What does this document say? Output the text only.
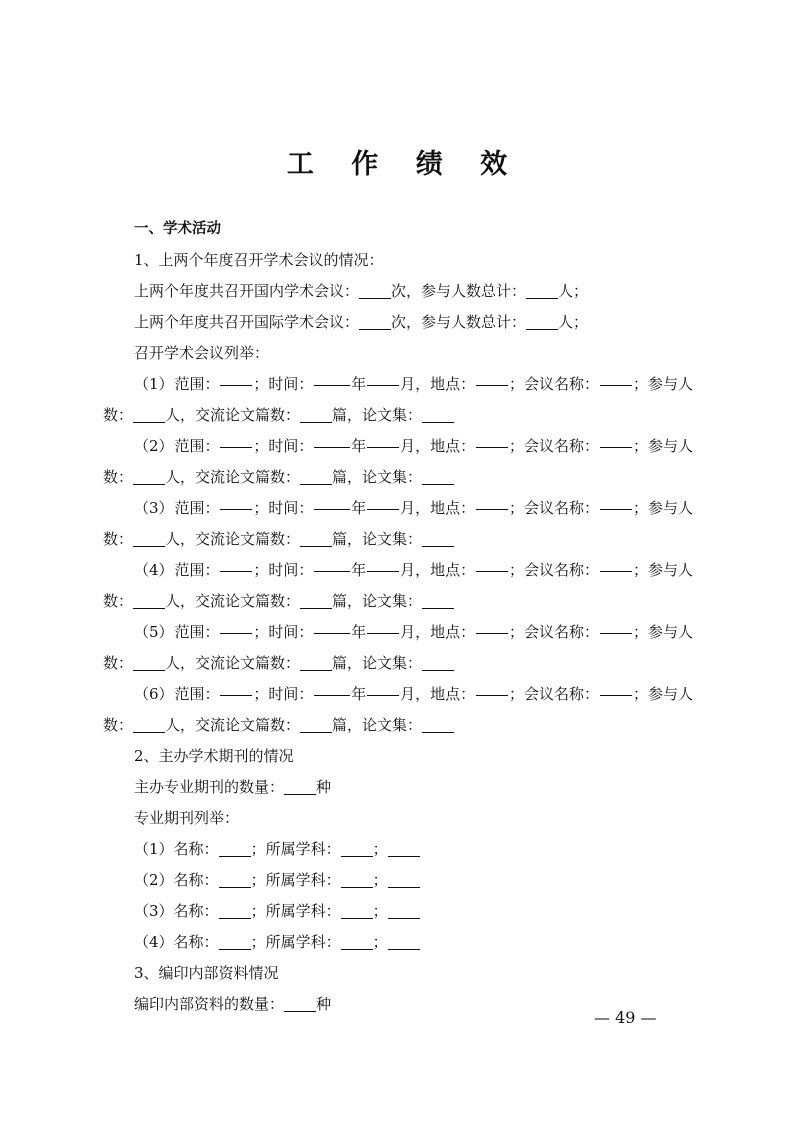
工 作 绩 效

一、学术活动

1、上两个年度召开学术会议的情况：

上两个年度共召开国内学术会议： 次，参与人数总计： 人；

上两个年度共召开国际学术会议： 次，参与人数总计： 人；

召开学术会议列举：

（1） 范围： ；时间：	年 月，地点： ；会议名称： ；参与人
数： 人，交流论文篇数： 篇，论文集：
（2） 范围： ；时间：	年 月，地点： ；会议名称： ；参与人
数： 人，交流论文篇数： 篇，论文集：
（3） 范围： ；时间：	年 月，地点： ；会议名称： ；参与人
数： 人，交流论文篇数： 篇，论文集：
（4） 范围： ；时间：	年 月，地点： ；会议名称： ；参与人
数： 人，交流论文篇数： 篇，论文集：
（5） 范围： ；时间：	年 月，地点： ；会议名称： ；参与人
数： 人，交流论文篇数： 篇，论文集：
（6） 范围： ；时间：	年 月，地点： ；会议名称： ；参与人
数： 人，交流论文篇数： 篇，论文集：

2、主办学术期刊的情况

主办专业期刊的数量： 种

专业期刊列举：

（1）名称： ；所属学科： ；

（2）名称： ；所属学科： ；

（3）名称： ；所属学科： ；

（4）名称： ；所属学科： ；

3、编印内部资料情况

编印内部资料的数量： 种

— 49 —
